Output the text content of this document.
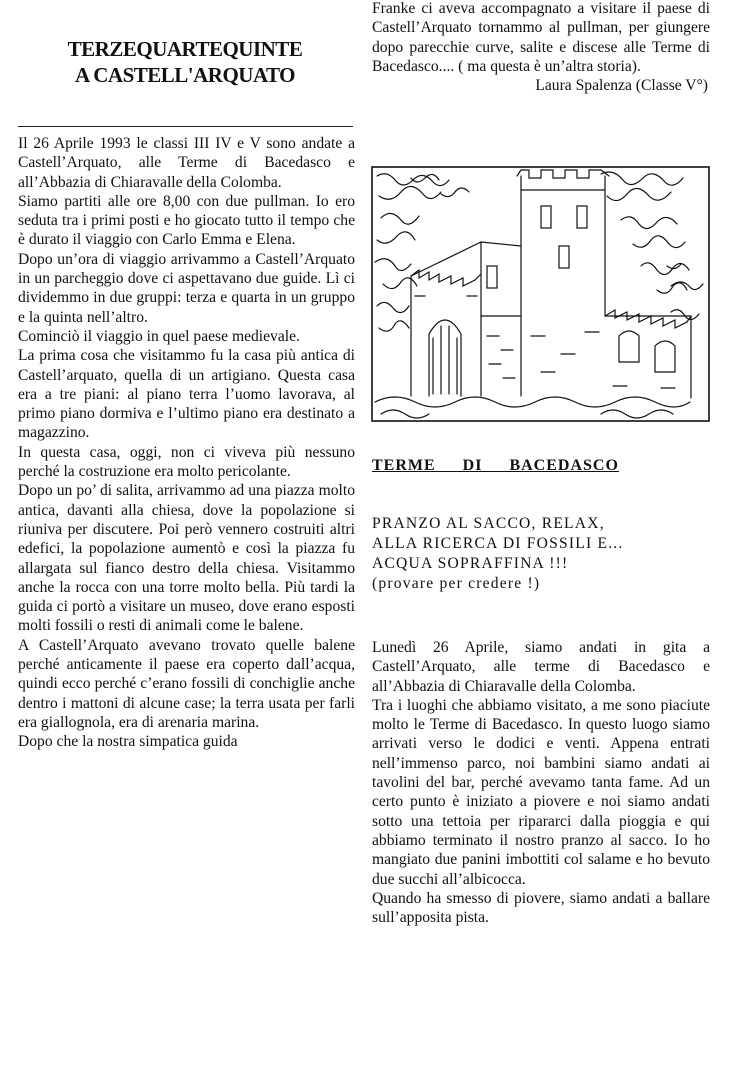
TERZEQUARTEQUINTE
A CASTELL'ARQUATO

Il 26 Aprile 1993 le classi III IV e V sono andate a Castell’Arquato, alle Terme di Bacedasco e all’Abbazia di Chiaravalle della Colomba.

Siamo partiti alle ore 8,00 con due pullman. Io ero seduta tra i primi posti e ho giocato tutto il tempo che è durato il viaggio con Carlo Emma e Elena.

Dopo un’ora di viaggio arrivammo a Castell’Arquato in un parcheggio dove ci aspettavano due guide. Lì ci dividemmo in due gruppi: terza e quarta in un gruppo e la quinta nell’altro.

Cominciò il viaggio in quel paese medievale.

La prima cosa che visitammo fu la casa più antica di Castell’arquato, quella di un artigiano. Questa casa era a tre piani: al piano terra l’uomo lavorava, al primo piano dormiva e l’ultimo piano era destinato a magazzino.

In questa casa, oggi, non ci viveva più nessuno perché la costruzione era molto pericolante.

Dopo un po’ di salita, arrivammo ad una piazza molto antica, davanti alla chiesa, dove la popolazione si riuniva per discutere. Poi però vennero costruiti altri edefici, la popolazione aumentò e così la piazza fu allargata sul fianco destro della chiesa. Visitammo anche la rocca con una torre molto bella. Più tardi la guida ci portò a visitare un museo, dove erano esposti molti fossili o resti di animali come le balene.

A Castell’Arquato avevano trovato quelle balene perché anticamente il paese era coperto dall’acqua, quindi ecco perché c’erano fossili di conchiglie anche dentro i mattoni di alcune case; la terra usata per farli era giallognola, era di arenaria marina.

Dopo che la nostra simpatica guida

Franke ci aveva accompagnato a visitare il paese di Castell’Arquato tornammo al pullman, per giungere dopo parecchie curve, salite e discese alle Terme di Bacedasco.... ( ma questa è un’altra storia).

Laura Spalenza (Classe V°)

TERME DI BACEDASCO

PRANZO AL SACCO, RELAX,

ALLA RICERCA DI FOSSILI E...

ACQUA SOPRAFFINA !!!

(provare per credere !)

Lunedì 26 Aprile, siamo andati in gita a Castell’Arquato, alle terme di Bacedasco e all’Abbazia di Chiaravalle della Colomba.

Tra i luoghi che abbiamo visitato, a me sono piaciute molto le Terme di Bacedasco. In questo luogo siamo arrivati verso le dodici e venti. Appena entrati nell’immenso parco, noi bambini siamo andati ai tavolini del bar, perché avevamo tanta fame. Ad un certo punto è iniziato a piovere e noi siamo andati sotto una tettoia per ripararci dalla pioggia e qui abbiamo terminato il nostro pranzo al sacco. Io ho mangiato due panini imbottiti col salame e ho bevuto due succhi all’albicocca.

Quando ha smesso di piovere, siamo andati a ballare sull’apposita pista.
